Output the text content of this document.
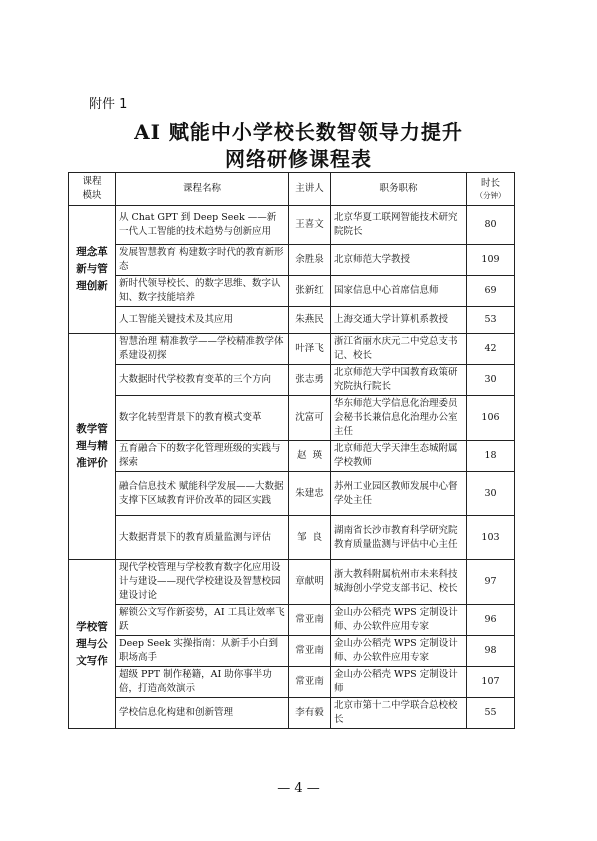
附件 1
AI 赋能中小学校长数智领导力提升
网络研修课程表
课程
模块	课程名称	主讲人	职务职称	时长
（分钟）

理念革新与管理创新	从 Chat GPT 到 Deep Seek ——新一代人工智能的技术趋势与创新应用	王喜文	北京华夏工联网智能技术研究院院长	80
	发展智慧教育 构建数字时代的教育新形态	余胜泉	北京师范大学教授	109
	新时代领导校长、的数字思维、数字认知、数字技能培养	张新红	国家信息中心首席信息师	69
	人工智能关键技术及其应用	朱燕民	上海交通大学计算机系教授	53
教学管理与精准评价	智慧治理 精准教学——学校精准教学体系建设初探	叶泽飞	浙江省丽水庆元二中党总支书记、校长	42
	大数据时代学校教育变革的三个方向	张志勇	北京师范大学中国教育政策研究院执行院长	30
	数字化转型背景下的教育模式变革	沈富可	华东师范大学信息化治理委员会秘书长兼信息化治理办公室主任	106
	五育融合下的数字化管理班级的实践与探索	赵  瑛	北京师范大学天津生态城附属学校教师	18
	融合信息技术 赋能科学发展——大数据支撑下区域教育评价改革的园区实践	朱建忠	苏州工业园区教师发展中心督学处主任	30
	大数据背景下的教育质量监测与评估	邹  良	湖南省长沙市教育科学研究院教育质量监测与评估中心主任	103
学校管理与公文写作	现代学校管理与学校教育数字化应用设计与建设——现代学校建设及智慧校园建设讨论	章献明	浙大教科附属杭州市未来科技城海创小学党支部书记、校长	97
	解锁公文写作新姿势，AI 工具让效率飞跃	常亚南	金山办公稻壳 WPS 定制设计师、办公软件应用专家	96
	Deep Seek 实操指南：从新手小白到职场高手	常亚南	金山办公稻壳 WPS 定制设计师、办公软件应用专家	98
	超级 PPT 制作秘籍，AI 助你事半功倍，打造高效演示	常亚南	金山办公稻壳 WPS 定制设计师	107
	学校信息化构建和创新管理	李有毅	北京市第十二中学联合总校校长	55
— 4 —
